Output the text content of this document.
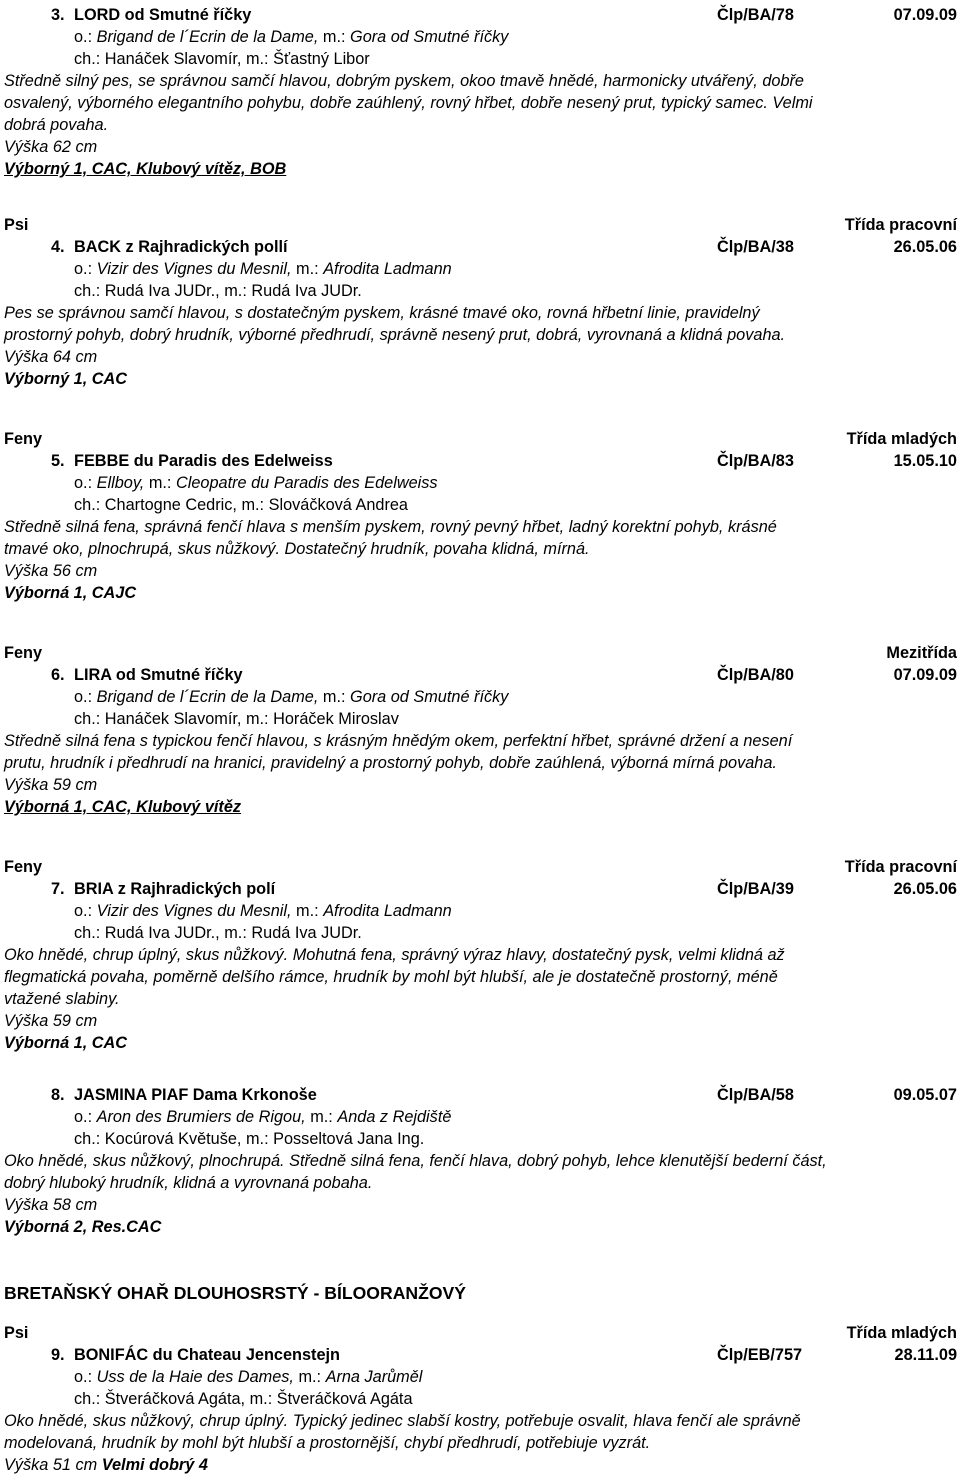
3. LORD od Smutné říčky	Člp/BA/78	07.09.09
o.: Brigand de l´Ecrin de la Dame, m.: Gora od Smutné říčky
ch.: Hanáček Slavomír, m.: Šťastný Libor
Středně silný pes, se správnou samčí hlavou, dobrým pyskem, okoo tmavě hnědé, harmonicky utvářený, dobře
osvalený, výborného elegantního pohybu, dobře zaúhlený, rovný hřbet, dobře nesený prut, typický samec. Velmi
dobrá povaha.
Výška 62 cm
Výborný 1, CAC, Klubový vítěz, BOB
Psi	Třída pracovní
4. BACK z Rajhradických pollí	Člp/BA/38	26.05.06
o.: Vizir des Vignes du Mesnil, m.: Afrodita Ladmann
ch.: Rudá Iva JUDr., m.: Rudá Iva JUDr.
Pes se správnou samčí hlavou, s dostatečným pyskem, krásné tmavé oko, rovná hřbetní linie, pravidelný
prostorný pohyb, dobrý hrudník, výborné předhrudí, správně nesený prut, dobrá, vyrovnaná a klidná povaha.
Výška 64 cm
Výborný 1, CAC
Feny	Třída mladých
5. FEBBE du Paradis des Edelweiss	Člp/BA/83	15.05.10
o.: Ellboy, m.: Cleopatre du Paradis des Edelweiss
ch.: Chartogne Cedric, m.: Slováčková Andrea
Středně silná fena, správná fenčí hlava s menším pyskem, rovný pevný hřbet, ladný korektní pohyb, krásné
tmavé oko, plnochrupá, skus nůžkový. Dostatečný hrudník, povaha klidná, mírná.
Výška 56 cm
Výborná 1, CAJC
Feny	Mezitřída
6. LIRA od Smutné říčky	Člp/BA/80	07.09.09
o.: Brigand de l´Ecrin de la Dame, m.: Gora od Smutné říčky
ch.: Hanáček Slavomír, m.: Horáček Miroslav
Středně silná fena s typickou fenčí hlavou, s krásným hnědým okem, perfektní hřbet, správné držení a nesení
prutu, hrudník i předhrudí na hranici, pravidelný a prostorný pohyb, dobře zaúhlená, výborná mírná povaha.
Výška 59 cm
Výborná 1, CAC, Klubový vítěz
Feny	Třída pracovní
7. BRIA z Rajhradických polí	Člp/BA/39	26.05.06
o.: Vizir des Vignes du Mesnil, m.: Afrodita Ladmann
ch.: Rudá Iva JUDr., m.: Rudá Iva JUDr.
Oko hnědé, chrup úplný, skus nůžkový. Mohutná fena, správný výraz hlavy, dostatečný pysk, velmi klidná až
flegmatická povaha, poměrně delšího rámce, hrudník by mohl být hlubší, ale je dostatečně prostorný, méně
vtažené slabiny.
Výška 59 cm
Výborná 1, CAC
8. JASMINA PIAF Dama Krkonoše	Člp/BA/58	09.05.07
o.: Aron des Brumiers de Rigou, m.: Anda z Rejdiště
ch.: Kocúrová Květuše, m.: Posseltová Jana Ing.
Oko hnědé, skus nůžkový, plnochrupá. Středně silná fena, fenčí hlava, dobrý pohyb, lehce klenutější bederní část,
dobrý hluboký hrudník, klidná a vyrovnaná pobaha.
Výška 58 cm
Výborná 2, Res.CAC
BRETAŇSKÝ OHAŘ DLOUHOSRSTÝ - BÍLOORANŽOVÝ
Psi	Třída mladých
9. BONIFÁC du Chateau Jencenstejn	Člp/EB/757	28.11.09
o.: Uss de la Haie des Dames, m.: Arna Jarůměl
ch.: Štveráčková Agáta, m.: Štveráčková Agáta
Oko hnědé, skus nůžkový, chrup úplný. Typický jedinec slabší kostry, potřebuje osvalit, hlava fenčí ale správně
modelovaná, hrudník by mohl být hlubší a prostornější, chybí předhrudí, potřebiuje vyzrát.
Výška 51 cm Velmi dobrý 4
